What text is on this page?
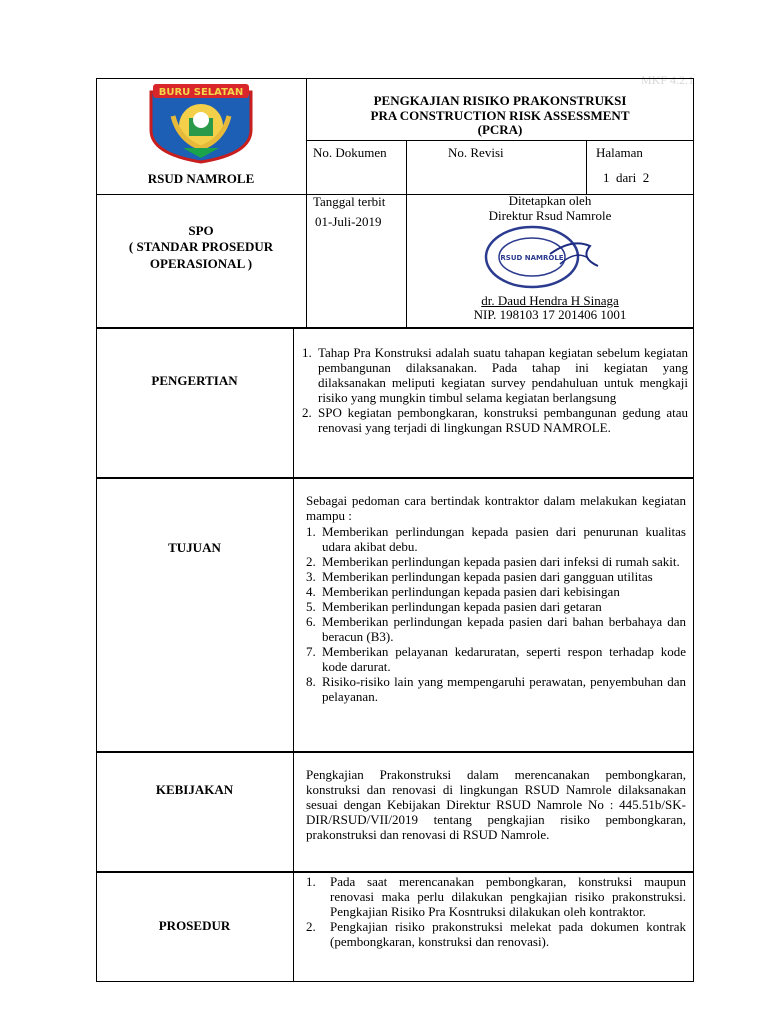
MKF 4.2.1
BURU SELATAN
RSUD NAMROLE
PENGKAJIAN RISIKO PRAKONSTRUKSI
PRA CONSTRUCTION RISK ASSESSMENT
(PCRA)
No. Dokumen	No. Revisi	Halaman
1  dari  2
SPO
( STANDAR PROSEDUR
OPERASIONAL )
Tanggal terbit
01-Juli-2019
Ditetapkan oleh
Direktur Rsud Namrole
RSUD NAMROLE
dr. Daud Hendra H Sinaga
NIP. 198103 17 201406 1001
PENGERTIAN
1. Tahap Pra Konstruksi adalah suatu tahapan kegiatan sebelum kegiatan pembangunan dilaksanakan. Pada tahap ini kegiatan yang dilaksanakan meliputi kegiatan survey pendahuluan untuk mengkaji risiko yang mungkin timbul selama kegiatan berlangsung
2. SPO kegiatan pembongkaran, konstruksi pembangunan gedung atau renovasi yang terjadi di lingkungan RSUD NAMROLE.
TUJUAN
Sebagai pedoman cara bertindak kontraktor dalam melakukan kegiatan mampu :
1. Memberikan perlindungan kepada pasien dari penurunan kualitas udara akibat debu.
2. Memberikan perlindungan kepada pasien dari infeksi di rumah sakit.
3. Memberikan perlindungan kepada pasien dari gangguan utilitas
4. Memberikan perlindungan kepada pasien dari kebisingan
5. Memberikan perlindungan kepada pasien dari getaran
6. Memberikan perlindungan kepada pasien dari bahan berbahaya dan beracun (B3).
7. Memberikan pelayanan kedaruratan, seperti respon terhadap kode kode darurat.
8. Risiko-risiko lain yang mempengaruhi perawatan, penyembuhan dan pelayanan.
KEBIJAKAN
Pengkajian Prakonstruksi dalam merencanakan pembongkaran, konstruksi dan renovasi di lingkungan RSUD Namrole dilaksanakan sesuai dengan Kebijakan Direktur RSUD Namrole No : 445.51b/SK-DIR/RSUD/VII/2019 tentang pengkajian risiko pembongkaran, prakonstruksi dan renovasi di RSUD Namrole.
PROSEDUR
1. Pada saat merencanakan pembongkaran, konstruksi maupun renovasi maka perlu dilakukan pengkajian risiko prakonstruksi. Pengkajian Risiko Pra Kosntruksi dilakukan oleh kontraktor.
2. Pengkajian risiko prakonstruksi melekat pada dokumen kontrak (pembongkaran, konstruksi dan renovasi).
